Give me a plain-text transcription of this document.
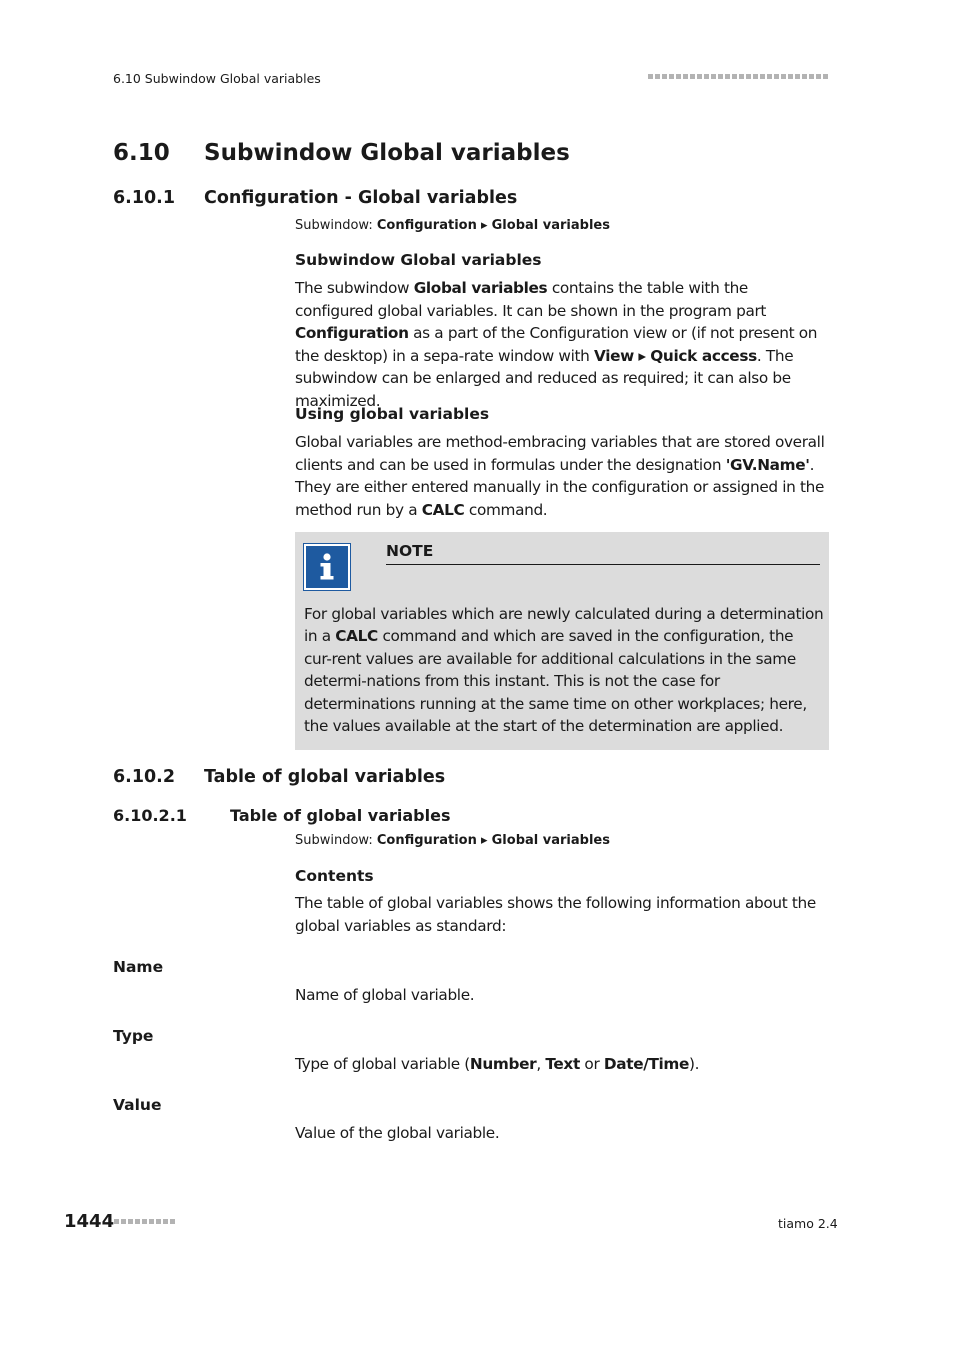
6.10 Subwindow Global variables
6.10 Subwindow Global variables
6.10.1 Configuration - Global variables
Subwindow: Configuration ▸ Global variables
Subwindow Global variables
The subwindow Global variables contains the table with the configured global variables. It can be shown in the program part Configuration as a part of the Configuration view or (if not present on the desktop) in a sepa-rate window with View ▸ Quick access. The subwindow can be enlarged and reduced as required; it can also be maximized.
Using global variables
Global variables are method-embracing variables that are stored overall clients and can be used in formulas under the designation 'GV.Name'. They are either entered manually in the configuration or assigned in the method run by a CALC command.
NOTE
For global variables which are newly calculated during a determination in a CALC command and which are saved in the configuration, the cur-rent values are available for additional calculations in the same determi-nations from this instant. This is not the case for determinations running at the same time on other workplaces; here, the values available at the start of the determination are applied.
6.10.2 Table of global variables
6.10.2.1	Table of global variables
Subwindow: Configuration ▸ Global variables
Contents
The table of global variables shows the following information about the global variables as standard:
Name
Name of global variable.
Type
Type of global variable (Number, Text or Date/Time).
Value
Value of the global variable.
1444	tiamo 2.4
